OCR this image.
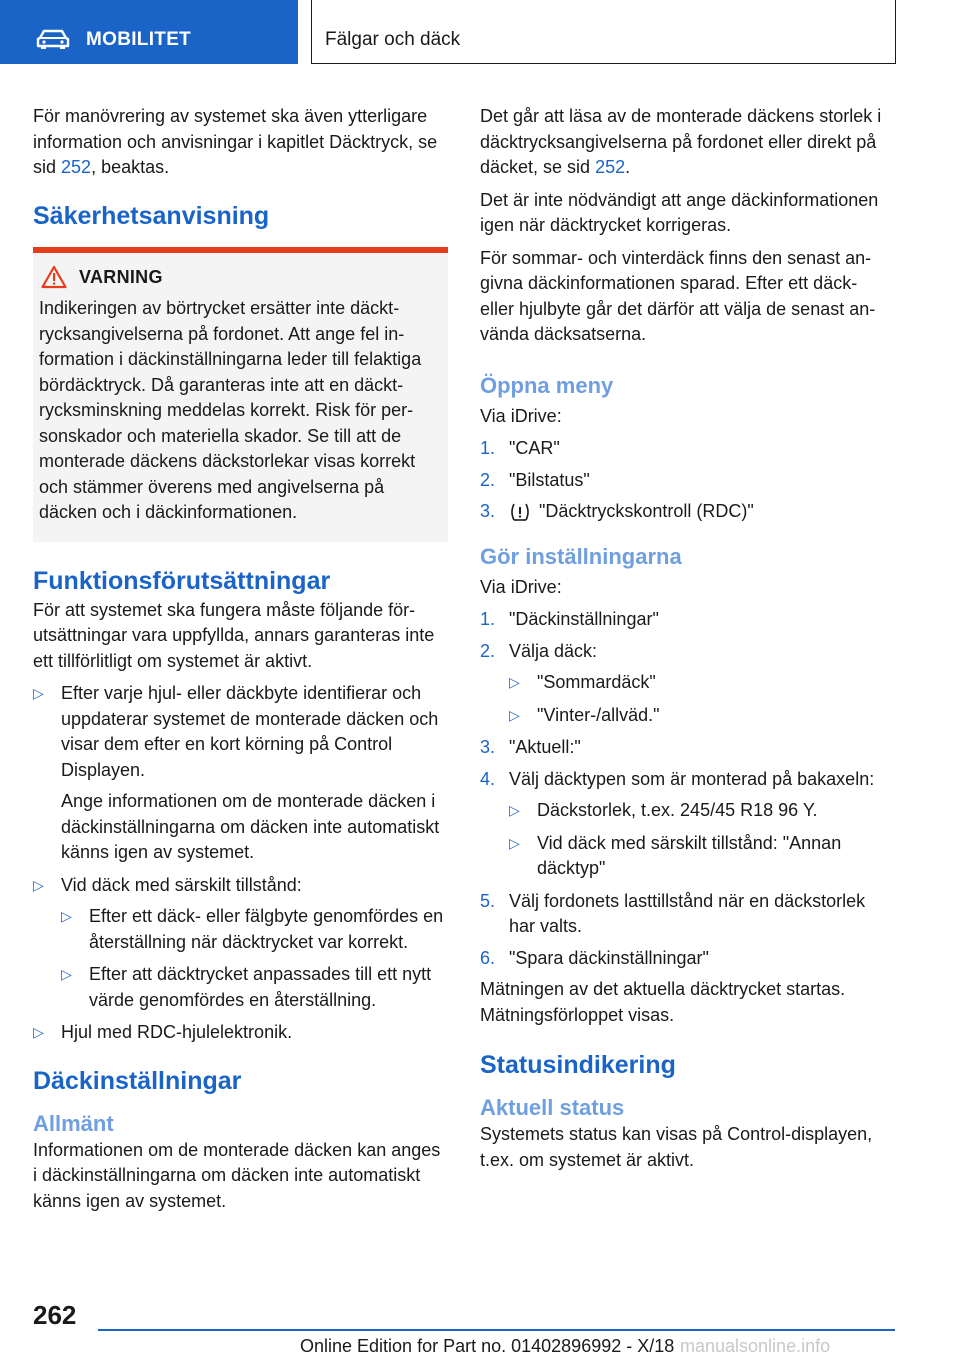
MOBILITET	Fälgar och däck

För manövrering av systemet ska även ytterligare information och anvisningar i kapitlet Däcktryck, se sid 252, beaktas.

Säkerhetsanvisning
VARNING
Indikeringen av börtrycket ersätter inte däcktrycksangivelserna på fordonet. Att ange fel information i däckinställningarna leder till felaktiga bördäcktryck. Då garanteras inte att en däcktrycksminskning meddelas korrekt. Risk för personskador och materiella skador. Se till att de monterade däckens däckstorlekar visas korrekt och stämmer överens med angivelserna på däcken och i däckinformationen.
Funktionsförutsättningar

För att systemet ska fungera måste följande förutsättningar vara uppfyllda, annars garanteras inte ett tillförlitligt om systemet är aktivt.

▷ Efter varje hjul- eller däckbyte identifierar och uppdaterar systemet de monterade däcken och visar dem efter en kort körning på Control Displayen.

Ange informationen om de monterade däcken i däckinställningarna om däcken inte automatiskt känns igen av systemet.

▷ Vid däck med särskilt tillstånd:
▷ Efter ett däck- eller fälgbyte genomfördes en återställning när däcktrycket var korrekt.
▷ Efter att däcktrycket anpassades till ett nytt värde genomfördes en återställning.
▷ Hjul med RDC-hjulelektronik.
Däckinställningar
Allmänt

Informationen om de monterade däcken kan anges i däckinställningarna om däcken inte automatiskt känns igen av systemet.

Det går att läsa av de monterade däckens storlek i däcktrycksangivelserna på fordonet eller direkt på däcket, se sid 252.

Det är inte nödvändigt att ange däckinformationen igen när däcktrycket korrigeras.

För sommar- och vinterdäck finns den senast angivna däckinformationen sparad. Efter ett däck- eller hjulbyte går det därför att välja de senast använda däcksatserna.

Öppna meny

Via iDrive:

1. "CAR"
2. "Bilstatus"
3. "Däcktryckskontroll (RDC)"
Gör inställningarna

Via iDrive:

1. "Däckinställningar"
2. Välja däck:
▷ "Sommardäck"
▷ "Vinter-/allväd."
3. "Aktuell:"
4. Välj däcktypen som är monterad på bakaxeln:
▷ Däckstorlek, t.ex. 245/45 R18 96 Y.
▷ Vid däck med särskilt tillstånd: "Annan däcktyp"
5. Välj fordonets lasttillstånd när en däckstorlek har valts.
6. "Spara däckinställningar"

Mätningen av det aktuella däcktrycket startas. Mätningsförloppet visas.

Statusindikering
Aktuell status

Systemets status kan visas på Control-displayen, t.ex. om systemet är aktivt.

262
Online Edition for Part no. 01402896992 - X/18 manualsonline.info
